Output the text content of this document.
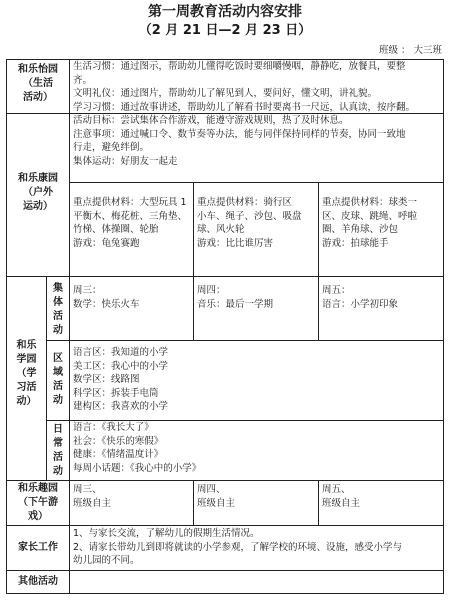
第一周教育活动内容安排
（2 月 21 日—2 月 23 日）
班级 ： 大三班
和乐怡园
（生活
活动）
生活习惯：通过图示，帮助幼儿懂得吃饭时要细嚼慢咽，静静吃，放餐具，要整
齐。
文明礼仪：通过图片，帮助幼儿了解见到人，要问好，懂文明，讲礼貌。
学习习惯：通过故事讲述，帮助幼儿了解看书时要离书一尺远，认真读，按序翻。
和乐康园
（户外
运动）
活动目标：尝试集体合作游戏，能遵守游戏规则，热了及时休息。
注意事项：通过喊口令、数节奏等办法，能与同伴保持同样的节奏，协同一致地
行走，避免绊倒。
集体运动：好朋友一起走
重点提供材料：大型玩具 1
平衡木、梅花桩、三角垫、
竹梯、体操圈、轮胎
游戏：龟兔赛跑
重点提供材料：骑行区
小车、绳子、沙包、吸盘
球、风火轮
游戏：比比谁厉害
重点提供材料：球类一
区、皮球、跳绳、呼啦
圈、羊角球、沙包
游戏：拍球能手
和乐
学园
（学
习活
动）
集体活动
区域活动
日常活动
周三：
数学：快乐火车
周四：
音乐：最后一学期
周五：
语言：小学初印象
语言区：我知道的小学
美工区：我心中的小学
数学区：线路图
科学区：拆装手电筒
建构区：我喜欢的小学
语言：《我长大了》
社会：《快乐的寒假》
健康：《情绪温度计》
每周小话题：《我心中的小学》
和乐趣园
（下午游
戏）
周三、
班级自主
周四、
班级自主
周五、
班级自主
家长工作
1、与家长交流，了解幼儿的假期生活情况。
2、请家长带幼儿到即将就读的小学参观，了解学校的环境、设施，感受小学与
幼儿园的不同。
其他活动
